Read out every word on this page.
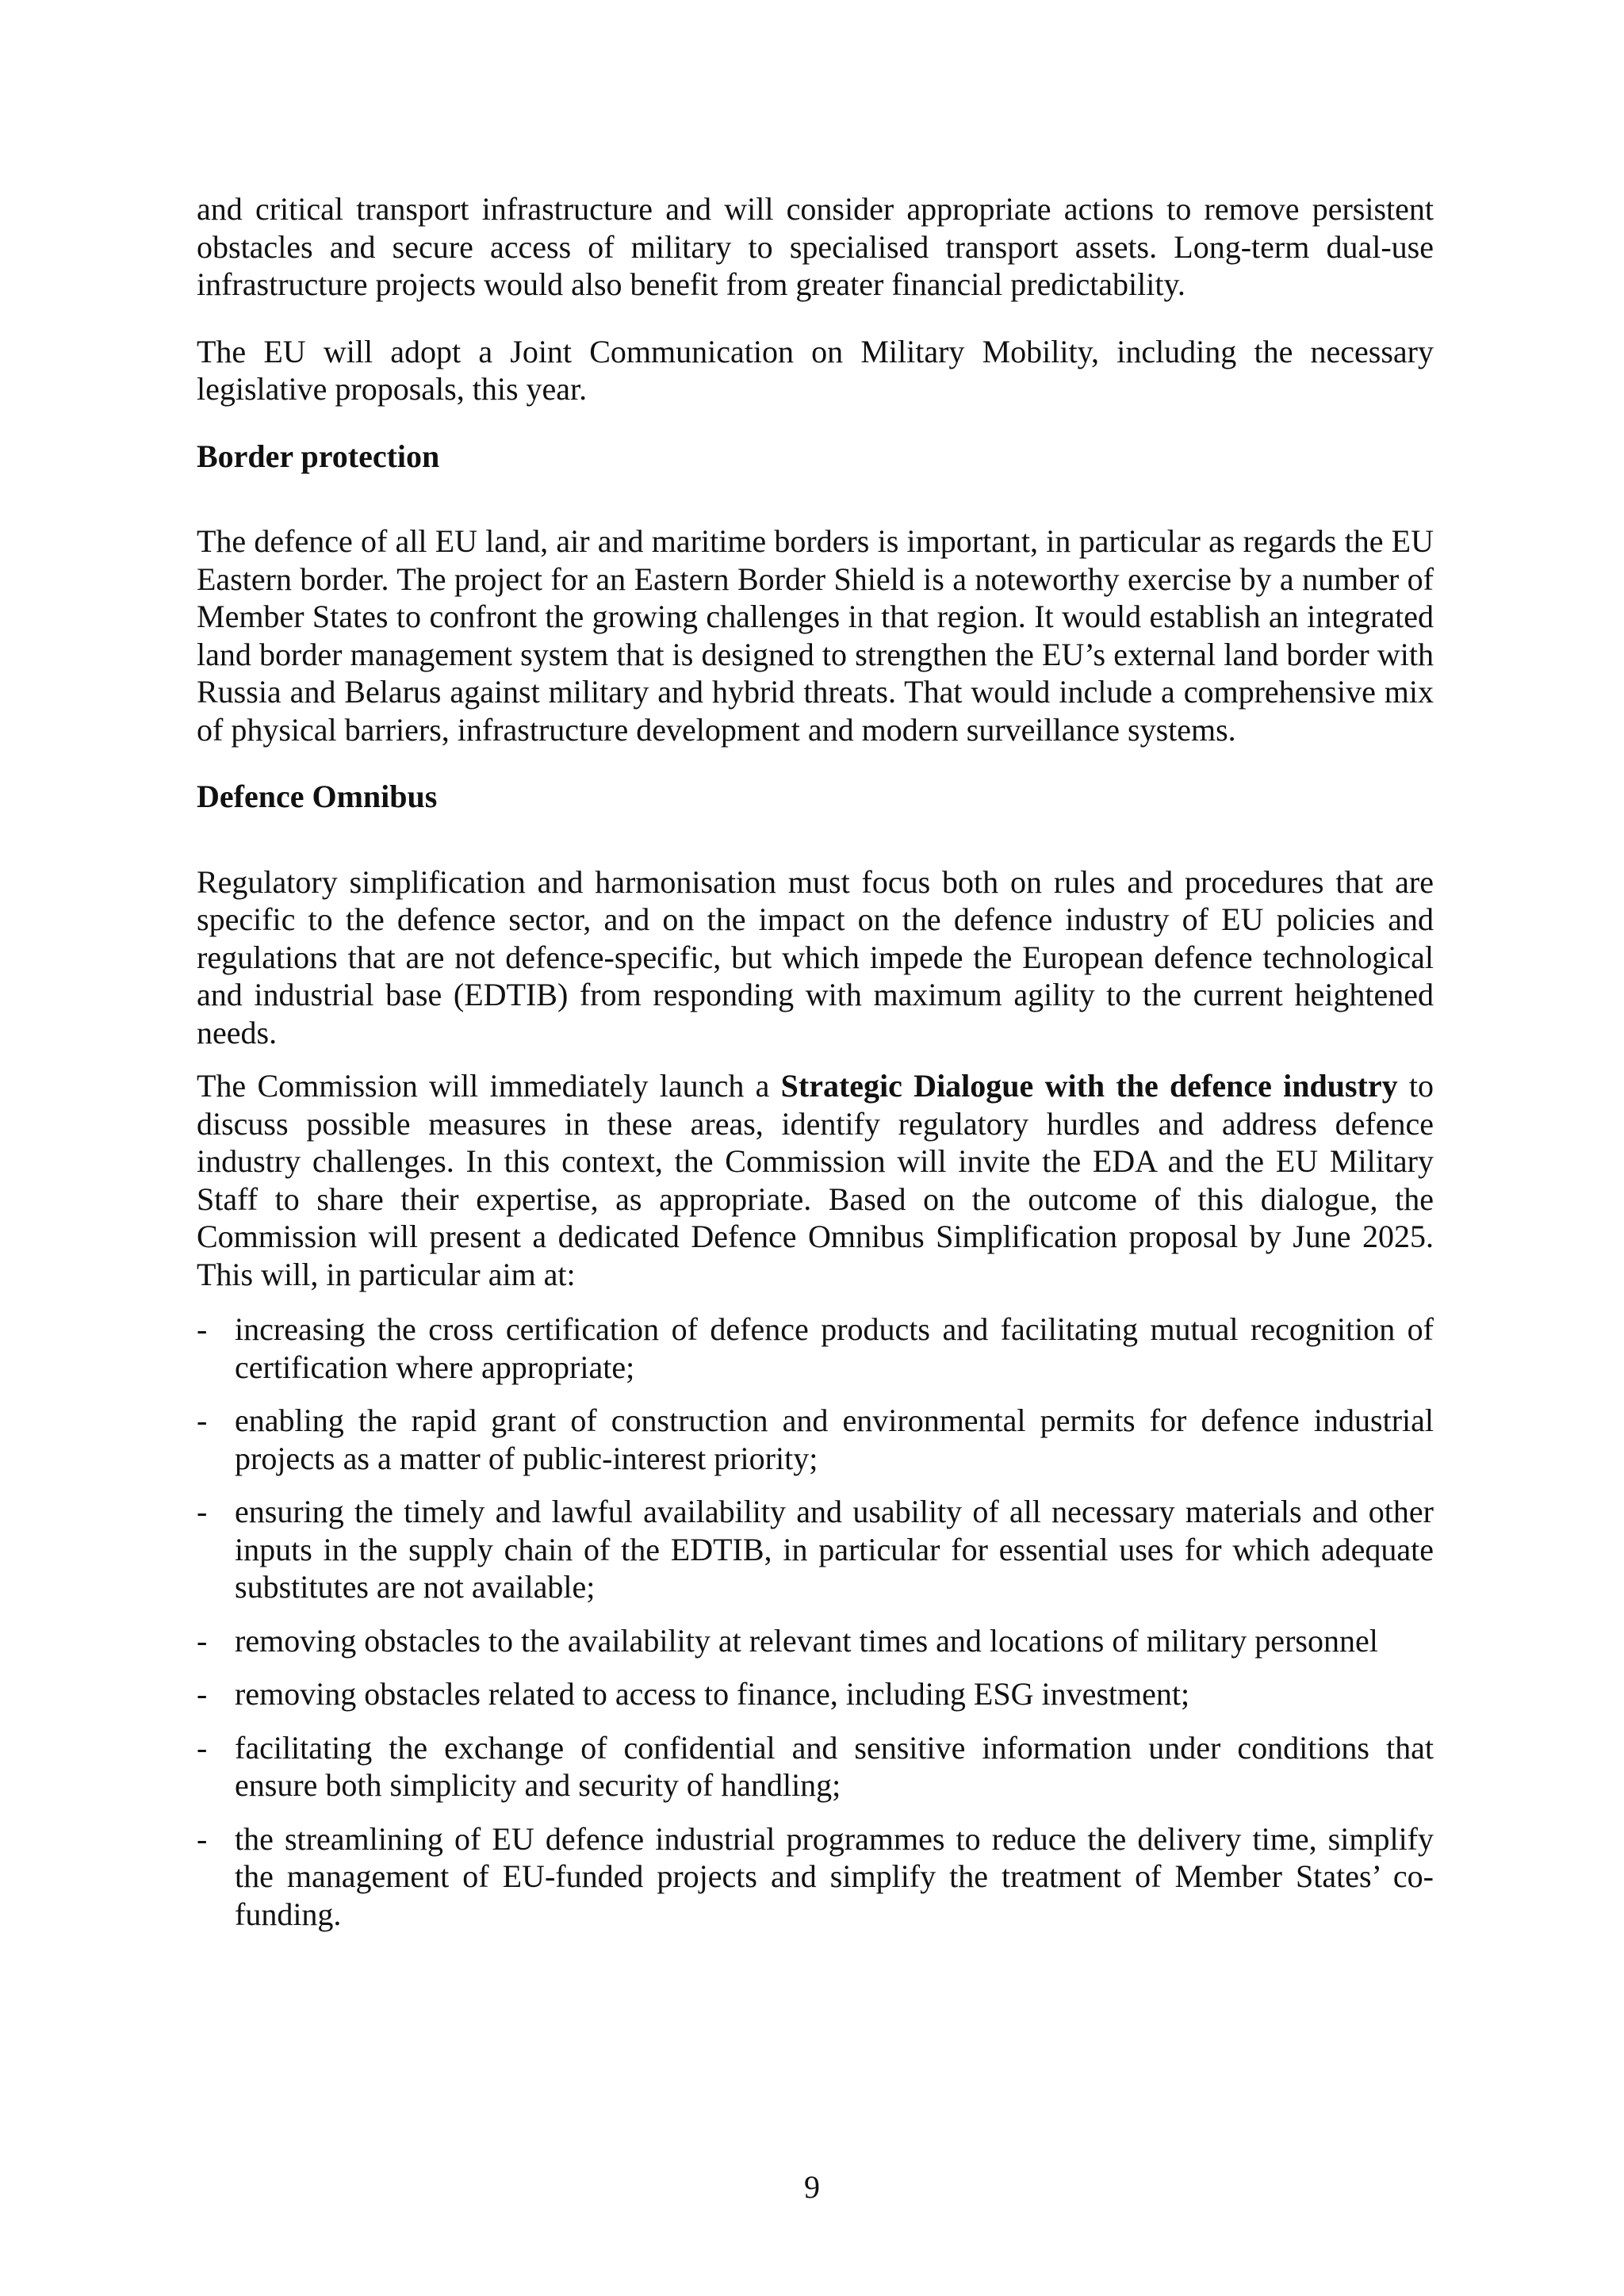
and critical transport infrastructure and will consider appropriate actions to remove persistent obstacles and secure access of military to specialised transport assets. Long-term dual-use infrastructure projects would also benefit from greater financial predictability.

The EU will adopt a Joint Communication on Military Mobility, including the necessary legislative proposals, this year.

Border protection

The defence of all EU land, air and maritime borders is important, in particular as regards the EU Eastern border. The project for an Eastern Border Shield is a noteworthy exercise by a number of Member States to confront the growing challenges in that region. It would establish an integrated land border management system that is designed to strengthen the EU’s external land border with Russia and Belarus against military and hybrid threats. That would include a comprehensive mix of physical barriers, infrastructure development and modern surveillance systems.

Defence Omnibus

Regulatory simplification and harmonisation must focus both on rules and procedures that are specific to the defence sector, and on the impact on the defence industry of EU policies and regulations that are not defence-specific, but which impede the European defence technological and industrial base (EDTIB) from responding with maximum agility to the current heightened needs.

The Commission will immediately launch a Strategic Dialogue with the defence industry to discuss possible measures in these areas, identify regulatory hurdles and address defence industry challenges. In this context, the Commission will invite the EDA and the EU Military Staff to share their expertise, as appropriate. Based on the outcome of this dialogue, the Commission will present a dedicated Defence Omnibus Simplification proposal by June 2025. This will, in particular aim at:

- increasing the cross certification of defence products and facilitating mutual recognition of certification where appropriate;
- enabling the rapid grant of construction and environmental permits for defence industrial projects as a matter of public-interest priority;
- ensuring the timely and lawful availability and usability of all necessary materials and other inputs in the supply chain of the EDTIB, in particular for essential uses for which adequate substitutes are not available;
- removing obstacles to the availability at relevant times and locations of military personnel
- removing obstacles related to access to finance, including ESG investment;
- facilitating the exchange of confidential and sensitive information under conditions that ensure both simplicity and security of handling;
- the streamlining of EU defence industrial programmes to reduce the delivery time, simplify the management of EU-funded projects and simplify the treatment of Member States’ co-funding.
9
